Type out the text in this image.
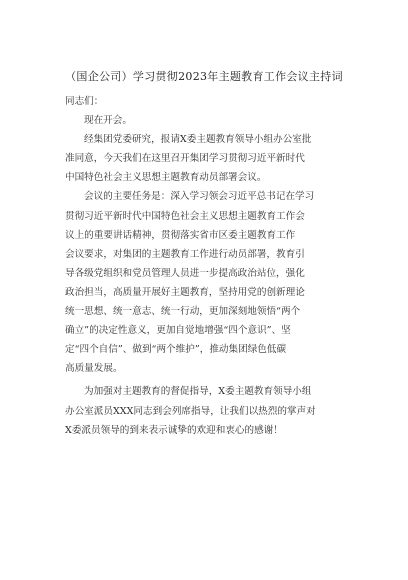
（国企公司）学习贯彻2023年主题教育工作会议主持词
同志们：
现在开会。
经集团党委研究，报请X委主题教育领导小组办公室批
准同意，今天我们在这里召开集团学习贯彻习近平新时代
中国特色社会主义思想主题教育动员部署会议。
会议的主要任务是：深入学习领会习近平总书记在学习
贯彻习近平新时代中国特色社会主义思想主题教育工作会
议上的重要讲话精神，贯彻落实省市区委主题教育工作
会议要求，对集团的主题教育工作进行动员部署，教育引
导各级党组织和党员管理人员进一步提高政治站位，强化
政治担当，高质量开展好主题教育，坚持用党的创新理论
统一思想、统一意志、统一行动，更加深刻地领悟“两个
确立”的决定性意义，更加自觉地增强“四个意识”、坚
定“四个自信”、做到“两个维护”，推动集团绿色低碳
高质量发展。
为加强对主题教育的督促指导，X委主题教育领导小组
办公室派员XXX同志到会列席指导，让我们以热烈的掌声对
X委派员领导的到来表示诚挚的欢迎和衷心的感谢！
